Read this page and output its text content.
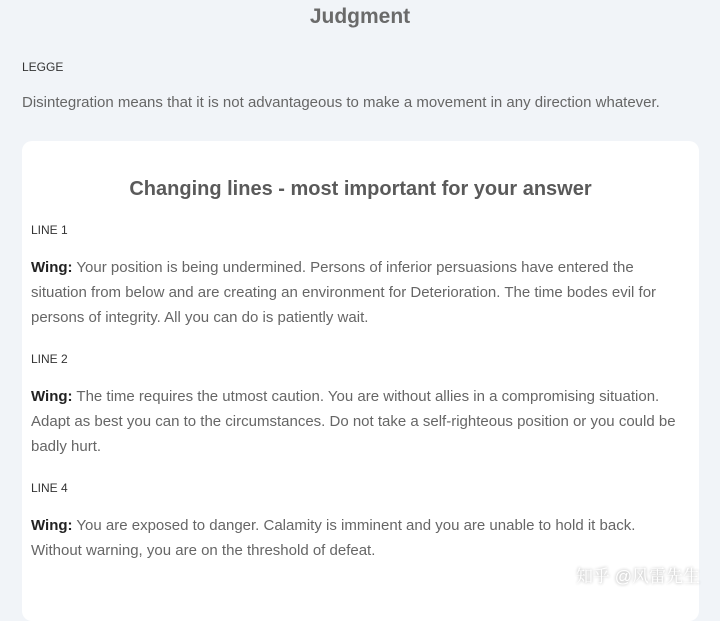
Judgment
LEGGE
Disintegration means that it is not advantageous to make a movement in any direction whatever.
Changing lines - most important for your answer
LINE 1
Wing: Your position is being undermined. Persons of inferior persuasions have entered the situation from below and are creating an environment for Deterioration. The time bodes evil for persons of integrity. All you can do is patiently wait.
LINE 2
Wing: The time requires the utmost caution. You are without allies in a compromising situation. Adapt as best you can to the circumstances. Do not take a self-righteous position or you could be badly hurt.
LINE 4
Wing: You are exposed to danger. Calamity is imminent and you are unable to hold it back. Without warning, you are on the threshold of defeat.
知乎 @风雷先生
